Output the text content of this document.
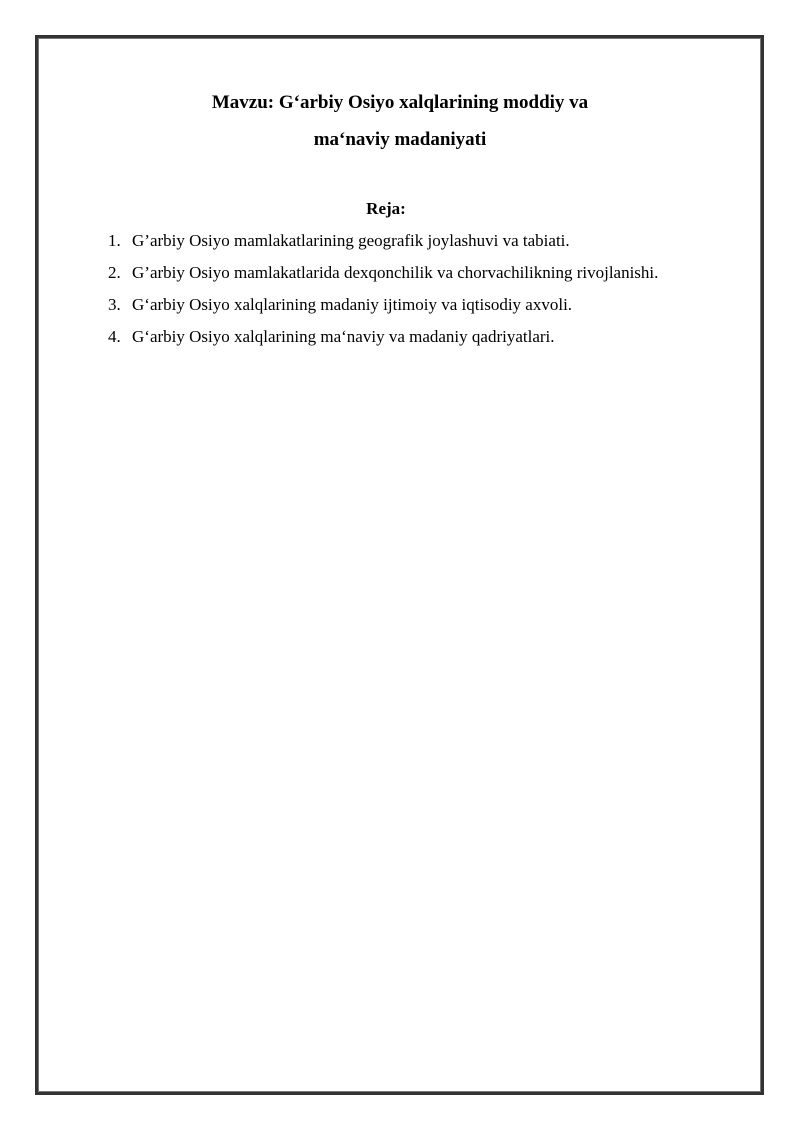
Mavzu: G‘arbiy Osiyo xalqlarining moddiy va
ma‘naviy madaniyati
Reja:
1. G’arbiy Osiyo mamlakatlarining geografik joylashuvi va tabiati.
2. G’arbiy Osiyo mamlakatlarida dexqonchilik va chorvachilikning rivojlanishi.
3. G‘arbiy Osiyo xalqlarining madaniy ijtimoiy va iqtisodiy axvoli.
4. G‘arbiy Osiyo xalqlarining ma‘naviy va madaniy qadriyatlari.
